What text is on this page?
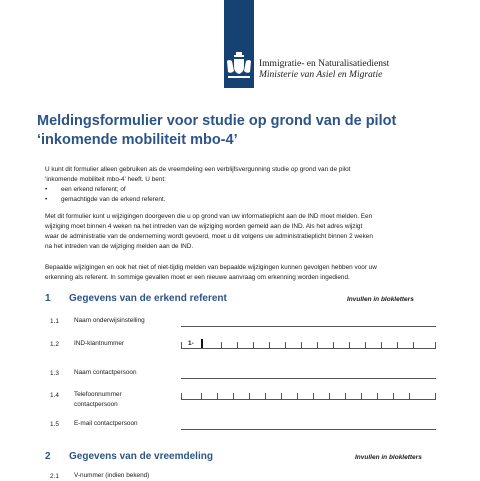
Immigratie- en Naturalisatiedienst
Ministerie van Asiel en Migratie
Meldingsformulier voor studie op grond van de pilot
‘inkomende mobiliteit mbo-4’
U kunt dit formulier alleen gebruiken als de vreemdeling een verblijfsvergunning studie op grond van de pilot
‘inkomende mobiliteit mbo-4’ heeft. U bent:
• een erkend referent; of
• gemachtigde van de erkend referent.
Met dit formulier kunt u wijzigingen doorgeven die u op grond van uw informatieplicht aan de IND moet melden. Een
wijziging moet binnen 4 weken na het intreden van de wijziging worden gemeld aan de IND. Als het adres wijzigt
waar de administratie van de onderneming wordt gevoerd, moet u dit volgens uw administratieplicht binnen 2 weken
na het intreden van de wijziging melden aan de IND.
Bepaalde wijzigingen en ook het niet of niet-tijdig melden van bepaalde wijzigingen kunnen gevolgen hebben voor uw
erkenning als referent. In sommige gevallen moet er een nieuwe aanvraag om erkenning worden ingediend.
1 Gegevens van de erkend referent	Invullen in blokletters
1.1 Naam onderwijsinstelling
1.2 IND-klantnummer	1-
1.3 Naam contactpersoon
1.4 Telefoonnummer
contactpersoon
1.5 E-mail contactpersoon
2 Gegevens van de vreemdeling	Invullen in blokletters
2.1 V-nummer (indien bekend)
